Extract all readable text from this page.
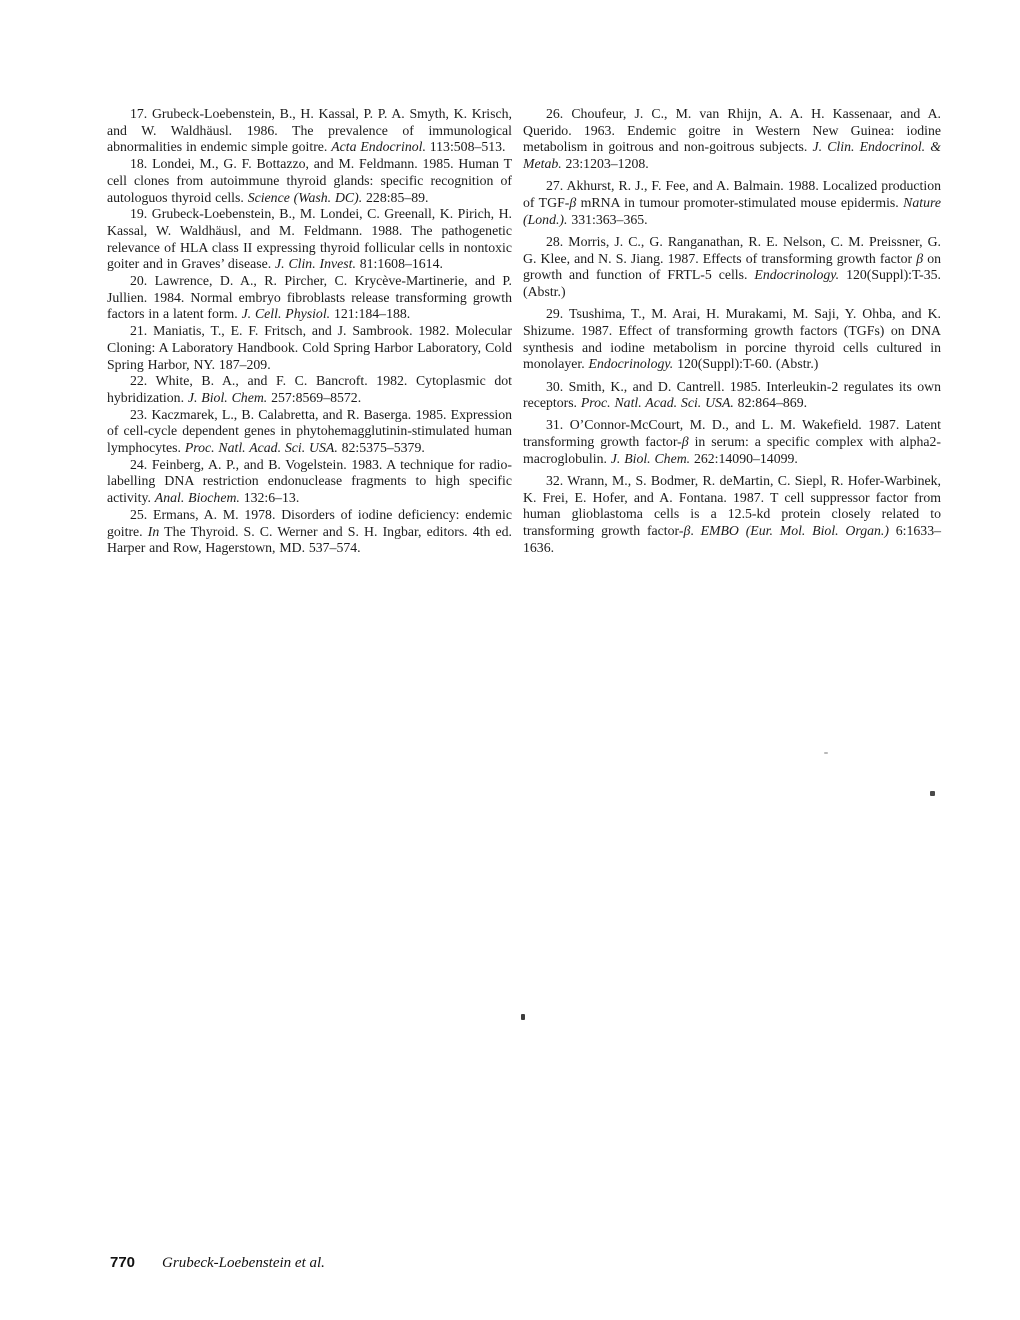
17. Grubeck-Loebenstein, B., H. Kassal, P. P. A. Smyth, K. Krisch, and W. Waldhäusl. 1986. The prevalence of immunological abnormalities in endemic simple goitre. Acta Endocrinol. 113:508–513.

18. Londei, M., G. F. Bottazzo, and M. Feldmann. 1985. Human T cell clones from autoimmune thyroid glands: specific recognition of autologuos thyroid cells. Science (Wash. DC). 228:85–89.

19. Grubeck-Loebenstein, B., M. Londei, C. Greenall, K. Pirich, H. Kassal, W. Waldhäusl, and M. Feldmann. 1988. The pathogenetic relevance of HLA class II expressing thyroid follicular cells in nontoxic goiter and in Graves’ disease. J. Clin. Invest. 81:1608–1614.

20. Lawrence, D. A., R. Pircher, C. Krycève-Martinerie, and P. Jullien. 1984. Normal embryo fibroblasts release transforming growth factors in a latent form. J. Cell. Physiol. 121:184–188.

21. Maniatis, T., E. F. Fritsch, and J. Sambrook. 1982. Molecular Cloning: A Laboratory Handbook. Cold Spring Harbor Laboratory, Cold Spring Harbor, NY. 187–209.

22. White, B. A., and F. C. Bancroft. 1982. Cytoplasmic dot hybridization. J. Biol. Chem. 257:8569–8572.

23. Kaczmarek, L., B. Calabretta, and R. Baserga. 1985. Expression of cell-cycle dependent genes in phytohemagglutinin-stimulated human lymphocytes. Proc. Natl. Acad. Sci. USA. 82:5375–5379.

24. Feinberg, A. P., and B. Vogelstein. 1983. A technique for radio-labelling DNA restriction endonuclease fragments to high specific activity. Anal. Biochem. 132:6–13.

25. Ermans, A. M. 1978. Disorders of iodine deficiency: endemic goitre. In The Thyroid. S. C. Werner and S. H. Ingbar, editors. 4th ed. Harper and Row, Hagerstown, MD. 537–574.

26. Choufeur, J. C., M. van Rhijn, A. A. H. Kassenaar, and A. Querido. 1963. Endemic goitre in Western New Guinea: iodine metabolism in goitrous and non-goitrous subjects. J. Clin. Endocrinol. & Metab. 23:1203–1208.

27. Akhurst, R. J., F. Fee, and A. Balmain. 1988. Localized production of TGF-β mRNA in tumour promoter-stimulated mouse epidermis. Nature (Lond.). 331:363–365.

28. Morris, J. C., G. Ranganathan, R. E. Nelson, C. M. Preissner, G. G. Klee, and N. S. Jiang. 1987. Effects of transforming growth factor β on growth and function of FRTL-5 cells. Endocrinology. 120(Suppl):T-35. (Abstr.)

29. Tsushima, T., M. Arai, H. Murakami, M. Saji, Y. Ohba, and K. Shizume. 1987. Effect of transforming growth factors (TGFs) on DNA synthesis and iodine metabolism in porcine thyroid cells cultured in monolayer. Endocrinology. 120(Suppl):T-60. (Abstr.)

30. Smith, K., and D. Cantrell. 1985. Interleukin-2 regulates its own receptors. Proc. Natl. Acad. Sci. USA. 82:864–869.

31. O’Connor-McCourt, M. D., and L. M. Wakefield. 1987. Latent transforming growth factor-β in serum: a specific complex with alpha2-macroglobulin. J. Biol. Chem. 262:14090–14099.

32. Wrann, M., S. Bodmer, R. deMartin, C. Siepl, R. Hofer-Warbinek, K. Frei, E. Hofer, and A. Fontana. 1987. T cell suppressor factor from human glioblastoma cells is a 12.5-kd protein closely related to transforming growth factor-β. EMBO (Eur. Mol. Biol. Organ.) 6:1633–1636.

770 Grubeck-Loebenstein et al.
